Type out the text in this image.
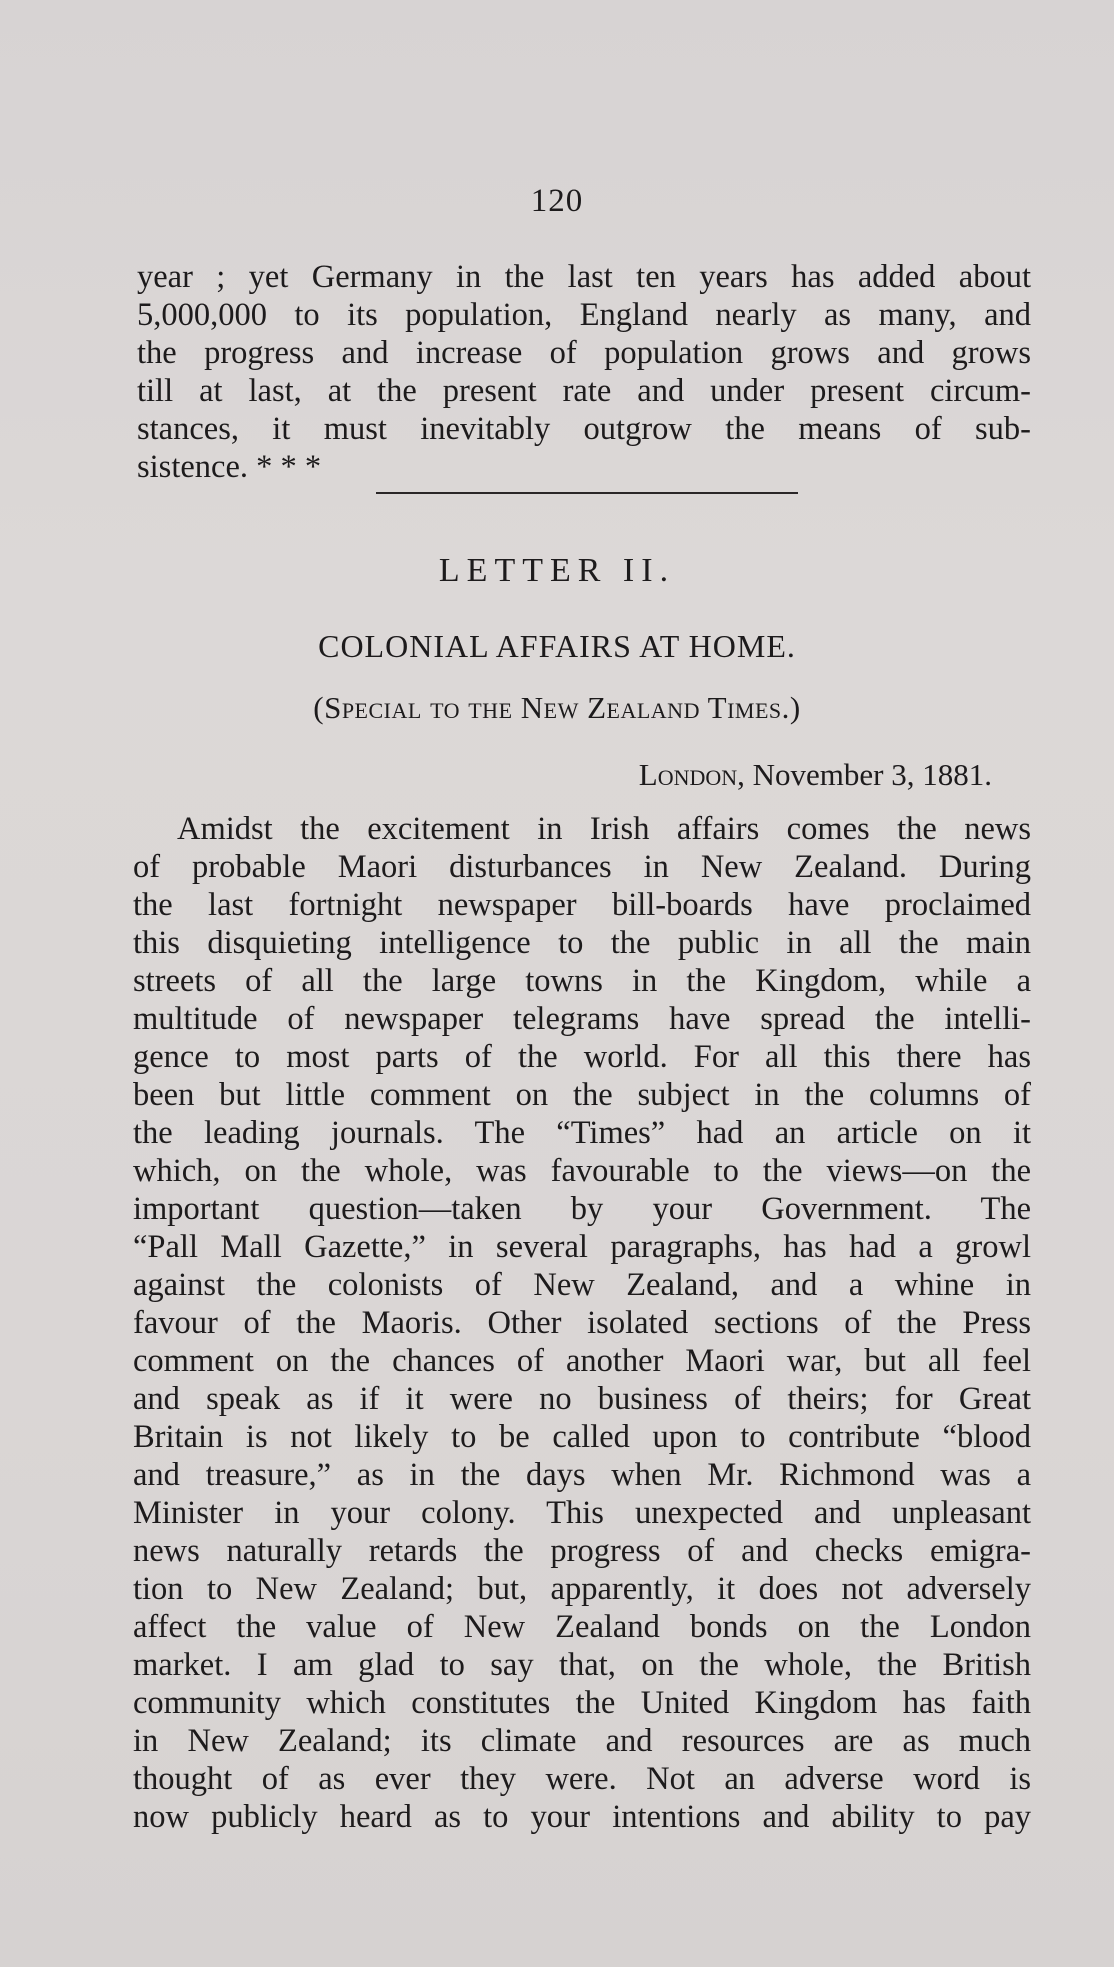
120
year ; yet Germany in the last ten years has added about
5,000,000 to its population, England nearly as many, and
the progress and increase of population grows and grows
till at last, at the present rate and under present circum-
stances, it must inevitably outgrow the means of sub-
sistence. * * *
LETTER II.
COLONIAL AFFAIRS AT HOME.
(Special to the New Zealand Times.)
London, November 3, 1881.
Amidst the excitement in Irish affairs comes the news
of probable Maori disturbances in New Zealand. During
the last fortnight newspaper bill-boards have proclaimed
this disquieting intelligence to the public in all the main
streets of all the large towns in the Kingdom, while a
multitude of newspaper telegrams have spread the intelli-
gence to most parts of the world. For all this there has
been but little comment on the subject in the columns of
the leading journals. The “Times” had an article on it
which, on the whole, was favourable to the views—on the
important question—taken by your Government. The
“Pall Mall Gazette,” in several paragraphs, has had a growl
against the colonists of New Zealand, and a whine in
favour of the Maoris. Other isolated sections of the Press
comment on the chances of another Maori war, but all feel
and speak as if it were no business of theirs; for Great
Britain is not likely to be called upon to contribute “blood
and treasure,” as in the days when Mr. Richmond was a
Minister in your colony. This unexpected and unpleasant
news naturally retards the progress of and checks emigra-
tion to New Zealand; but, apparently, it does not adversely
affect the value of New Zealand bonds on the London
market. I am glad to say that, on the whole, the British
community which constitutes the United Kingdom has faith
in New Zealand; its climate and resources are as much
thought of as ever they were. Not an adverse word is
now publicly heard as to your intentions and ability to pay
